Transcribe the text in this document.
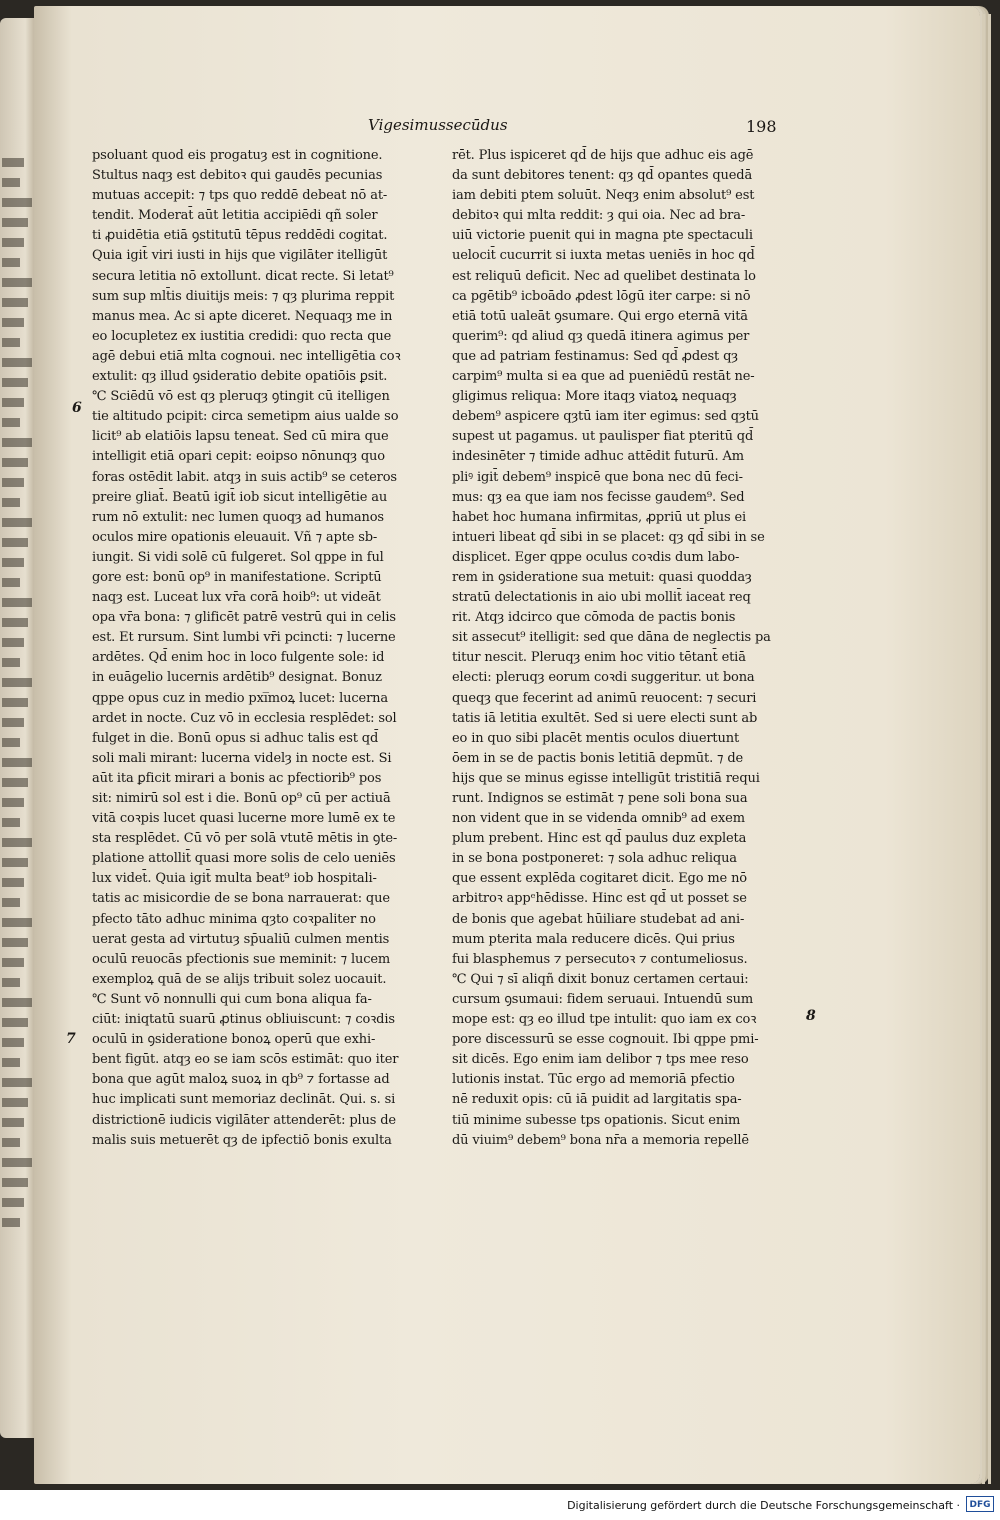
Vigesimussecūdus	198
6
7
8
psoluant quod eis progatuȝ est in cognitione.
Stultus naqȝ est debitoꝛ qui gaudēs pecunias
mutuas accepit: ⁊ tps quo reddē debeat nō at-
tendit. Moderat̄ aūt letitia accipiēdi qñ soler
ti ꝓuidētia etiā ꝯstitutū tēpus reddēdi cogitat.
Quia igit̄ viri iusti in hijs que vigilāter itelligūt
secura letitia nō extollunt. dicat recte. Si letat⁹
sum sup mlt̄is diuitijs meis: ⁊ qȝ plurima reppit
manus mea. Ac si apte diceret. Nequaqȝ me in
eo locupletez ex iustitia credidi: quo recta que
agē debui etiā mlta cognoui. nec intelligētia coꝛ
extulit: qȝ illud ꝯsideratio debite opatiōis ꝑsit.
℃ Sciēdū vō est qȝ pleruqȝ ꝯtingit cū itelligen
tie altitudo pcipit: circa semetipm aius ualde so
licit⁹ ab elatiōis lapsu teneat. Sed cū mira que
intelligit etiā opari cepit: eoipso nōnunqȝ quo
foras ostēdit labit. atqȝ in suis actib⁹ se ceteros
preire gliat̄. Beatū igit̄ iob sicut intelligētie au
rum nō extulit: nec lumen quoqȝ ad humanos
oculos mire opationis eleuauit. Vñ ⁊ apte sb-
iungit. Si vidi solē cū fulgeret. Sol qppe in ful
gore est: bonū op⁹ in manifestatione. Scriptū
naqȝ est. Luceat lux vr̄a corā hoib⁹: ut videāt
opa vr̄a bona: ⁊ glificēt patrē vestrū qui in celis
est. Et rursum. Sint lumbi vr̄i pcincti: ⁊ lucerne
ardētes. Qd̄ enim hoc in loco fulgente sole: id
in euāgelio lucernis ardētib⁹ designat. Bonuz
qppe opus cuz in medio pxi̅moꝝ lucet: lucerna
ardet in nocte. Cuz vō in ecclesia resplēdet: sol
fulget in die. Bonū opus si adhuc talis est qd̄
soli mali mirant: lucerna videlȝ in nocte est. Si
aūt ita ꝑficit mirari a bonis ac pfectiorib⁹ pos
sit: nimirū sol est i die. Bonū op⁹ cū per actiuā
vitā coꝛpis lucet quasi lucerne more lumē ex te
sta resplēdet. Cū vō per solā vtutē mētis in ꝯte-
platione attollit̄ quasi more solis de celo ueniēs
lux videt̄. Quia igit̄ multa beat⁹ iob hospitali-
tatis ac misicordie de se bona narrauerat: que
pfecto tāto adhuc minima qȝto coꝛpaliter no
uerat gesta ad virtutuȝ sp̄ualiū culmen mentis
oculū reuocās pfectionis sue meminit: ⁊ lucem
exemploꝝ quā de se alijs tribuit solez uocauit.
℃ Sunt vō nonnulli qui cum bona aliqua fa-
ciūt: iniqtatū suarū ꝓtinus obliuiscunt: ⁊ coꝛdis
oculū in ꝯsideratione bonoꝝ operū que exhi-
bent figūt. atqȝ eo se iam scōs estimāt: quo iter
bona que agūt maloꝝ suoꝝ in qb⁹ ⁊ fortasse ad
huc implicati sunt memoriaz declināt. Qui. s. si
districtionē iudicis vigilāter attenderēt: plus de
malis suis metuerēt qȝ de ipfectiō bonis exulta
rēt. Plus ispiceret qd̄ de hijs que adhuc eis agē
da sunt debitores tenent: qȝ qd̄ opantes quedā
iam debiti ptem soluūt. Neqȝ enim absolut⁹ est
debitoꝛ qui mlta reddit: ȝ qui oia. Nec ad bra-
uiū victorie puenit qui in magna pte spectaculi
uelocit̄ cucurrit si iuxta metas ueniēs in hoc qd̄
est reliquū deficit. Nec ad quelibet destinata lo
ca pgētib⁹ icboādo ꝓdest lōgū iter carpe: si nō
etiā totū ualeāt ꝯsumare. Qui ergo eternā vitā
querim⁹: qd aliud qȝ quedā itinera agimus per
que ad patriam festinamus: Sed qd̄ ꝓdest qȝ
carpim⁹ multa si ea que ad pueniēdū restāt ne-
gligimus reliqua: More itaqȝ viatoꝝ nequaqȝ
debem⁹ aspicere qȝtū iam iter egimus: sed qȝtū
supest ut pagamus. ut paulisper fiat pteritū qd̄
indesinēter ⁊ timide adhuc attēdit futurū. Am
pliꝰ igit̄ debem⁹ inspicē que bona nec dū feci-
mus: qȝ ea que iam nos fecisse gaudem⁹. Sed
habet hoc humana infirmitas, ꝓpriū ut plus ei
intueri libeat qd̄ sibi in se placet: qȝ qd̄ sibi in se
displicet. Eger qppe oculus coꝛdis dum labo-
rem in ꝯsideratione sua metuit: quasi quoddaȝ
stratū delectationis in aio ubi mollit̄ iaceat req
rit. Atqȝ idcirco que cōmoda de pactis bonis
sit assecut⁹ itelligit: sed que dāna de neglectis pa
titur nescit. Pleruqȝ enim hoc vitio tētant̄ etiā
electi: pleruqȝ eorum coꝛdi suggeritur. ut bona
queqȝ que fecerint ad animū reuocent: ⁊ securi
tatis iā letitia exultēt. Sed si uere electi sunt ab
eo in quo sibi placēt mentis oculos diuertunt
ōem in se de pactis bonis letitiā depmūt. ⁊ de
hijs que se minus egisse intelligūt tristitiā requi
runt. Indignos se estimāt ⁊ pene soli bona sua
non vident que in se videnda omnib⁹ ad exem
plum prebent. Hinc est qd̄ paulus duz expleta
in se bona postponeret: ⁊ sola adhuc reliqua
que essent explēda cogitaret dicit. Ego me nō
arbitroꝛ appᵉhēdisse. Hinc est qd̄ ut posset se
de bonis que agebat hūiliare studebat ad ani-
mum pterita mala reducere dicēs. Qui prius
fui blasphemus ⁊ persecutoꝛ ⁊ contumeliosus.
℃ Qui ⁊ sī aliqñ dixit bonuz certamen certaui:
cursum ꝯsumaui: fidem seruaui. Intuendū sum
mope est: qȝ eo illud tpe intulit: quo iam ex coꝛ
pore discessurū se esse cognouit. Ibi qppe pmi-
sit dicēs. Ego enim iam delibor ⁊ tps mee reso
lutionis instat. Tūc ergo ad memoriā pfectio
nē reduxit opis: cū iā puidit ad largitatis spa-
tiū minime subesse tps opationis. Sicut enim
dū viuim⁹ debem⁹ bona nr̄a a memoria repellē
Digitalisierung gefördert durch die Deutsche Forschungsgemeinschaft ·	DFG
